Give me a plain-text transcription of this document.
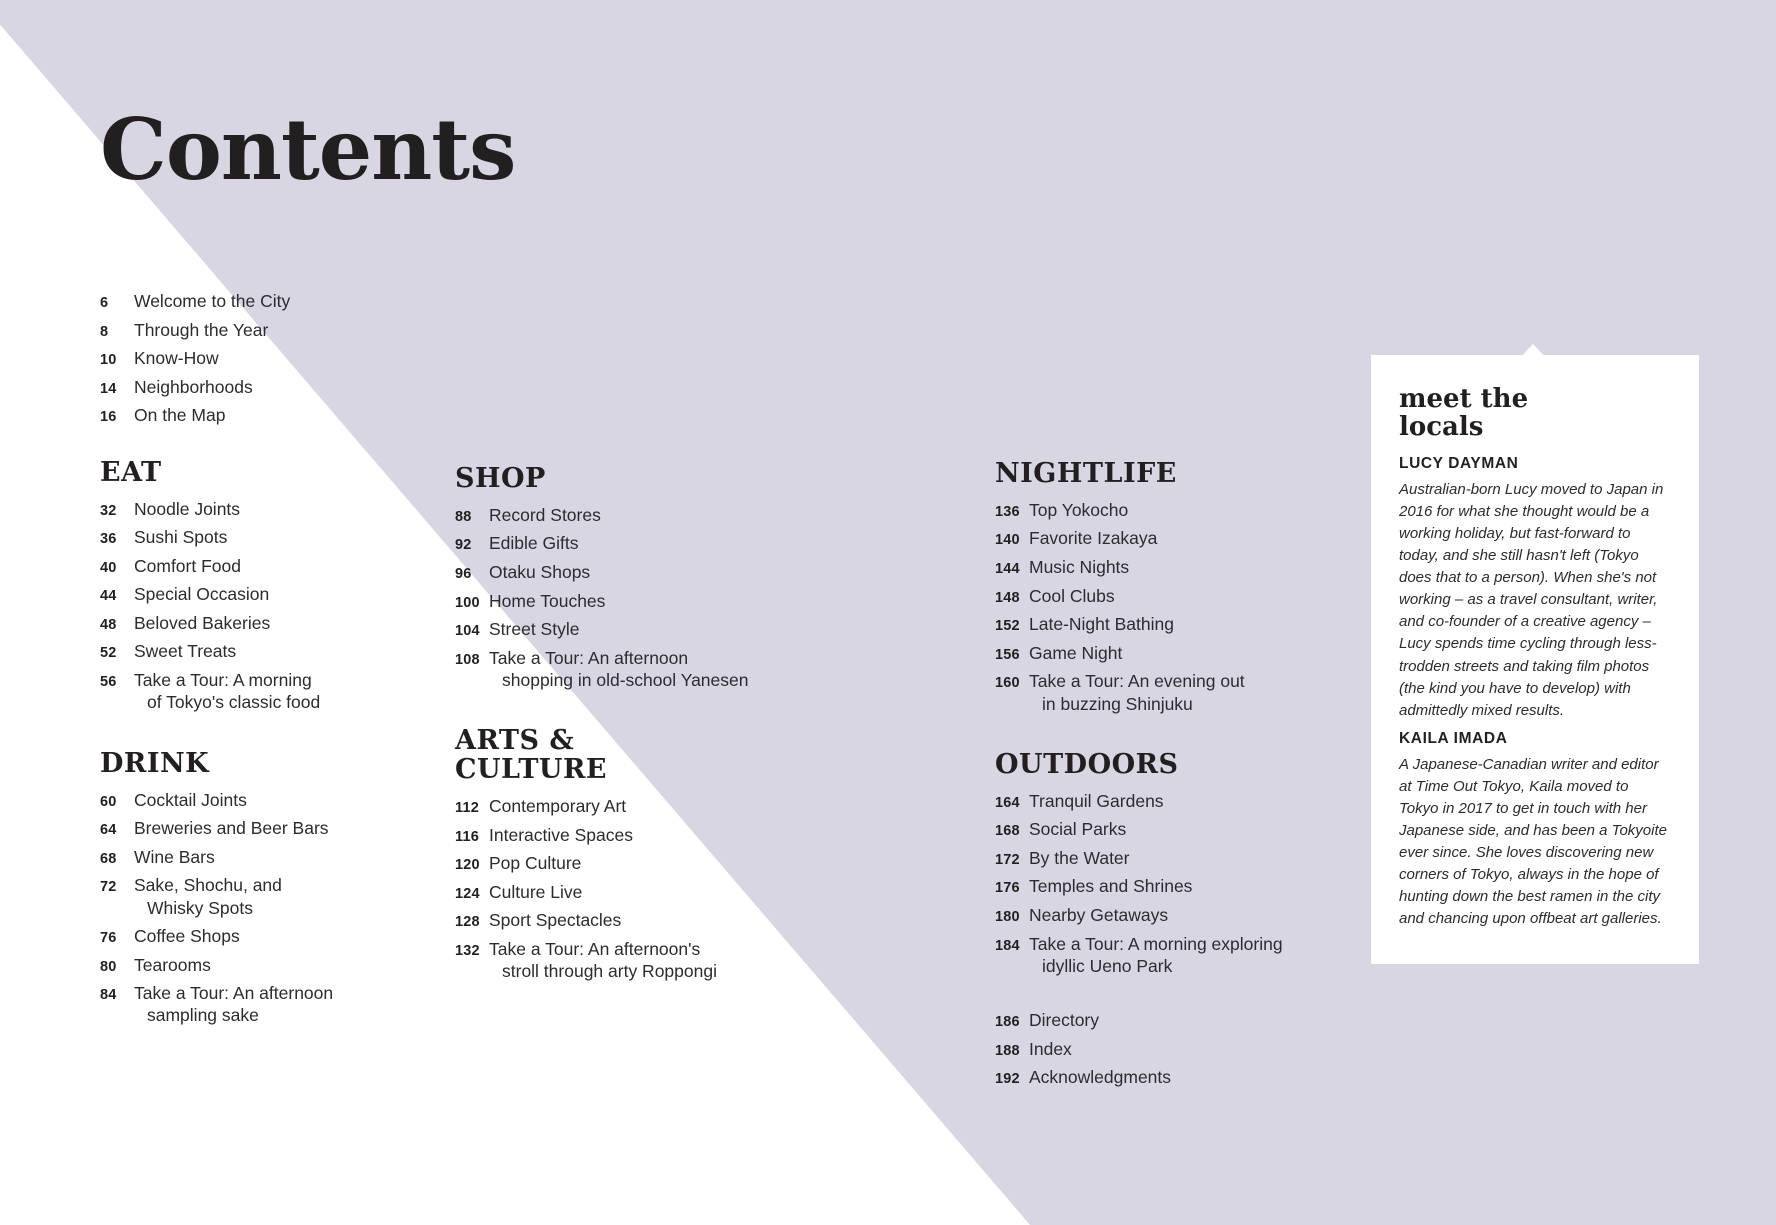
Contents
6	Welcome to the City
8	Through the Year
10 Know-How
14 Neighborhoods
16 On the Map
EAT
32 Noodle Joints
36 Sushi Spots
40 Comfort Food
44 Special Occasion
48 Beloved Bakeries
52 Sweet Treats
56 Take a Tour: A morning
of Tokyo's classic food
DRINK
60 Cocktail Joints
64 Breweries and Beer Bars
68 Wine Bars
72 Sake, Shochu, and
Whisky Spots
76 Coffee Shops
80 Tearooms
84 Take a Tour: An afternoon
sampling sake
SHOP
88 Record Stores
92 Edible Gifts
96 Otaku Shops
100 Home Touches
104 Street Style
108 Take a Tour: An afternoon
shopping in old-school Yanesen
ARTS &
CULTURE
112 Contemporary Art
116 Interactive Spaces
120 Pop Culture
124 Culture Live
128 Sport Spectacles
132 Take a Tour: An afternoon's
stroll through arty Roppongi
NIGHTLIFE
136 Top Yokocho
140 Favorite Izakaya
144 Music Nights
148 Cool Clubs
152 Late-Night Bathing
156 Game Night
160 Take a Tour: An evening out
in buzzing Shinjuku
OUTDOORS
164 Tranquil Gardens
168 Social Parks
172 By the Water
176 Temples and Shrines
180 Nearby Getaways
184 Take a Tour: A morning exploring
idyllic Ueno Park
186 Directory
188 Index
192 Acknowledgments
meet the
locals
LUCY DAYMAN

Australian-born Lucy moved to Japan in 2016 for what she thought would be a working holiday, but fast-forward to today, and she still hasn't left (Tokyo does that to a person). When she's not working – as a travel consultant, writer, and co-founder of a creative agency – Lucy spends time cycling through less-trodden streets and taking film photos (the kind you have to develop) with admittedly mixed results.

KAILA IMADA

A Japanese-Canadian writer and editor at Time Out Tokyo, Kaila moved to Tokyo in 2017 to get in touch with her Japanese side, and has been a Tokyoite ever since. She loves discovering new corners of Tokyo, always in the hope of hunting down the best ramen in the city and chancing upon offbeat art galleries.
